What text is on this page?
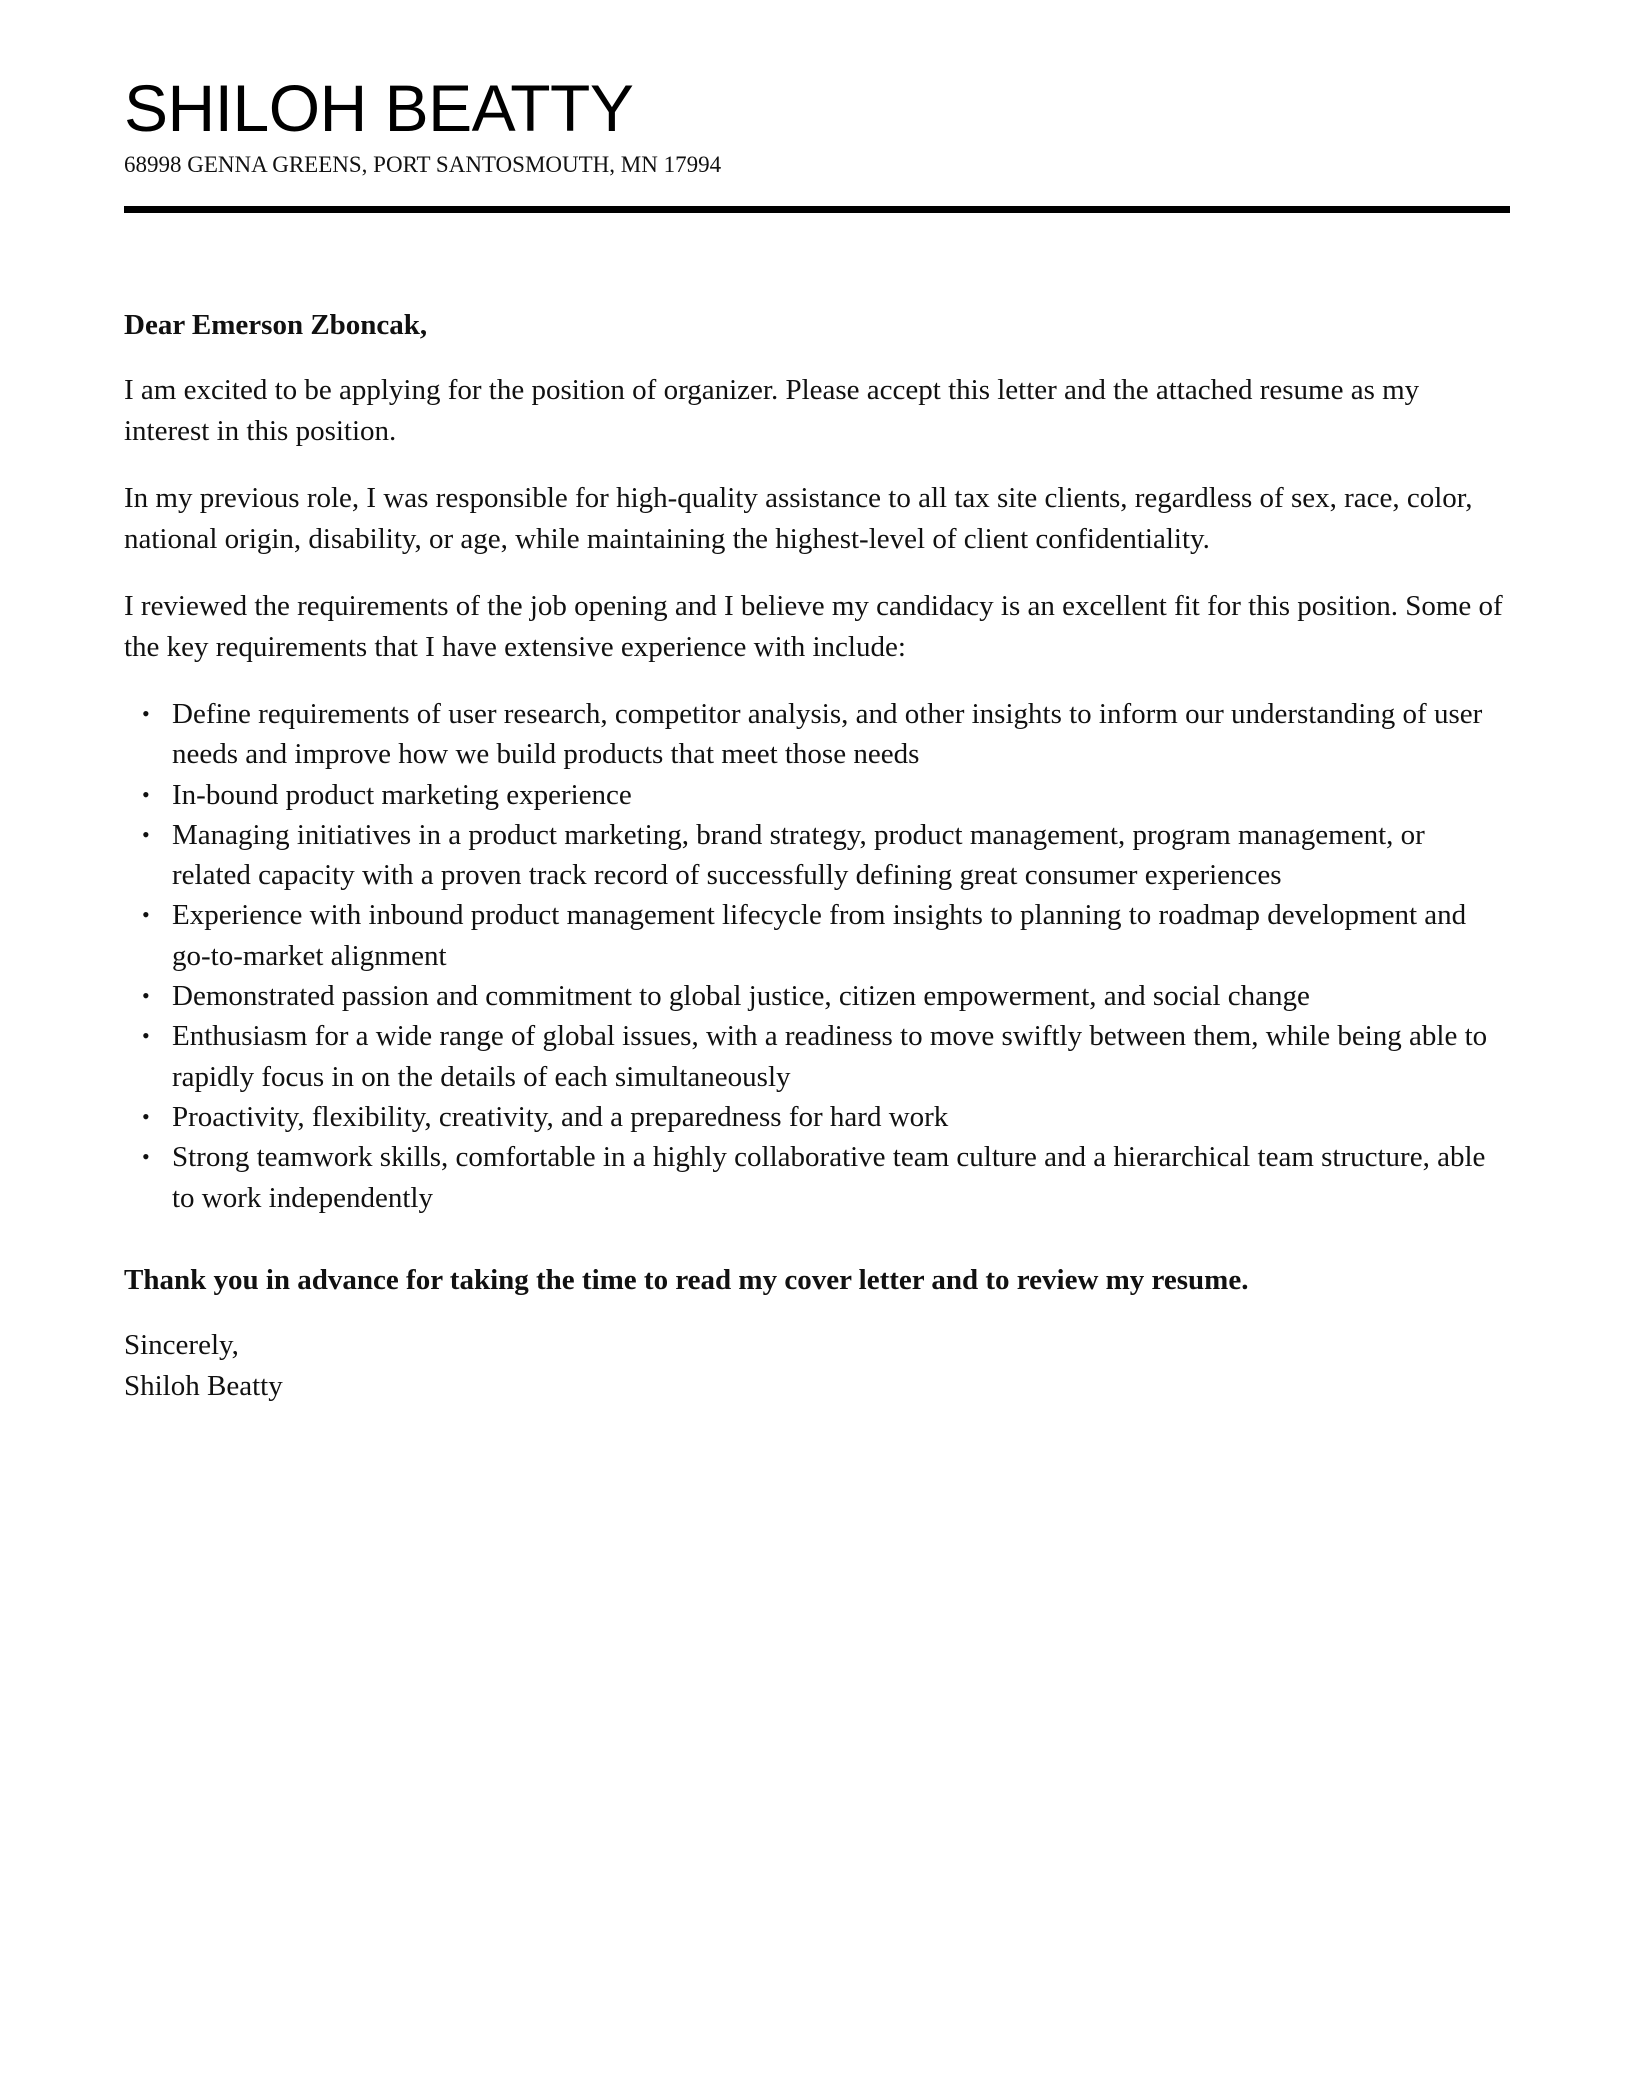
SHILOH BEATTY
68998 GENNA GREENS, PORT SANTOSMOUTH, MN 17994

Dear Emerson Zboncak,

I am excited to be applying for the position of organizer. Please accept this letter and the attached resume as my interest in this position.

In my previous role, I was responsible for high-quality assistance to all tax site clients, regardless of sex, race, color, national origin, disability, or age, while maintaining the highest-level of client confidentiality.

I reviewed the requirements of the job opening and I believe my candidacy is an excellent fit for this position. Some of the key requirements that I have extensive experience with include:

• Define requirements of user research, competitor analysis, and other insights to inform our understanding of user needs and improve how we build products that meet those needs
• In-bound product marketing experience
• Managing initiatives in a product marketing, brand strategy, product management, program management, or related capacity with a proven track record of successfully defining great consumer experiences
• Experience with inbound product management lifecycle from insights to planning to roadmap development and go-to-market alignment
• Demonstrated passion and commitment to global justice, citizen empowerment, and social change
• Enthusiasm for a wide range of global issues, with a readiness to move swiftly between them, while being able to rapidly focus in on the details of each simultaneously
• Proactivity, flexibility, creativity, and a preparedness for hard work
• Strong teamwork skills, comfortable in a highly collaborative team culture and a hierarchical team structure, able to work independently

Thank you in advance for taking the time to read my cover letter and to review my resume.

Sincerely,

Shiloh Beatty
